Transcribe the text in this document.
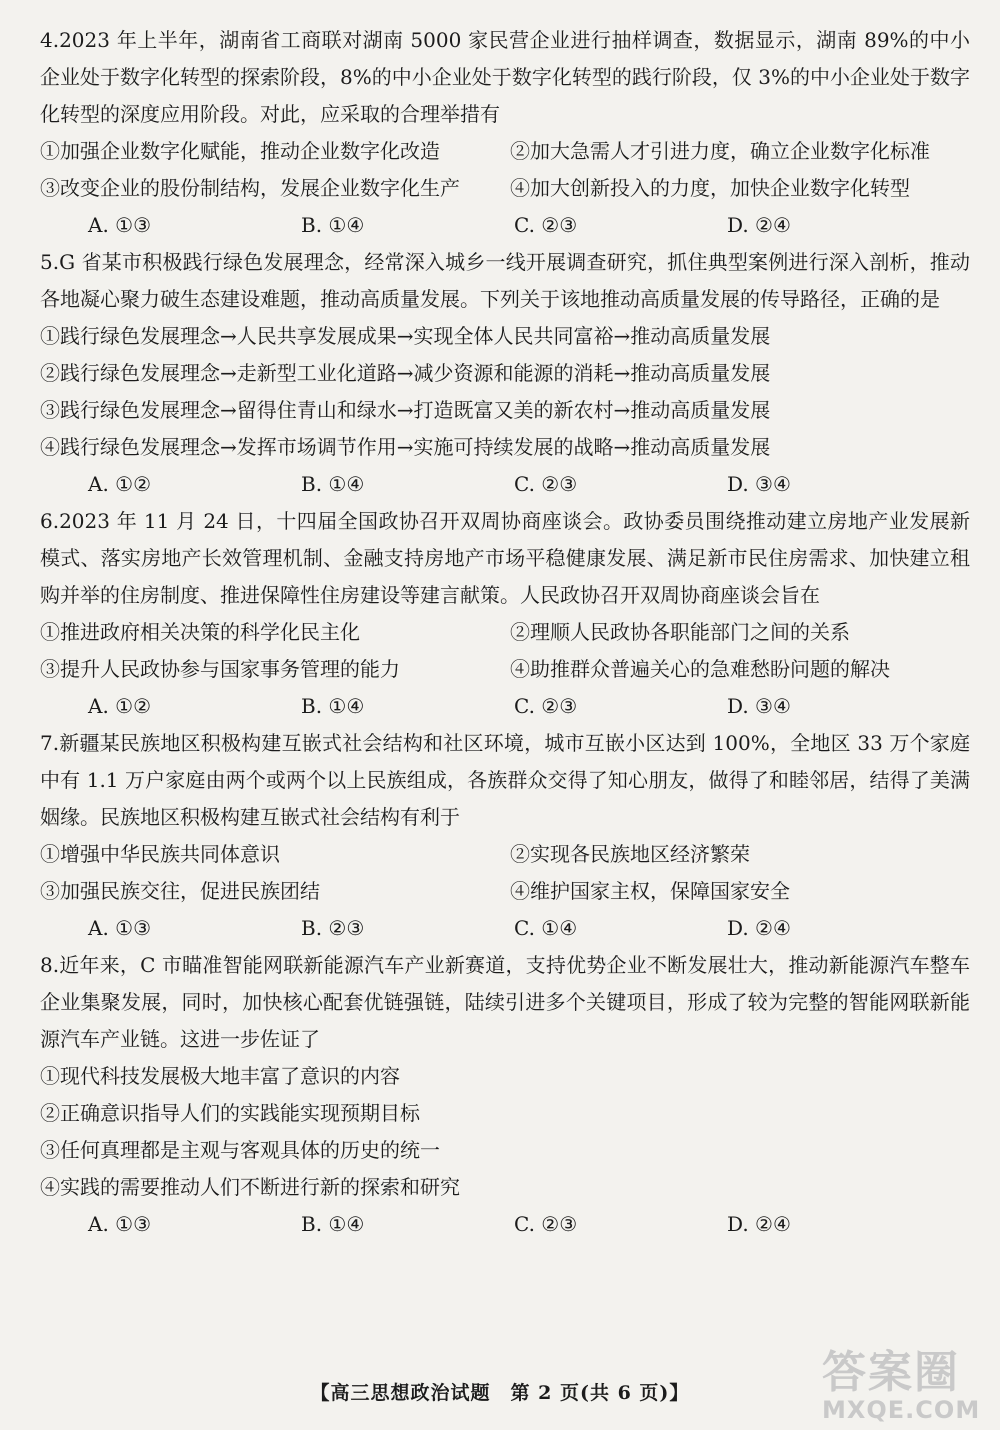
4.2023 年上半年，湖南省工商联对湖南 5000 家民营企业进行抽样调查，数据显示，湖南 89%的中小企业处于数字化转型的探索阶段，8%的中小企业处于数字化转型的践行阶段，仅 3%的中小企业处于数字化转型的深度应用阶段。对此，应采取的合理举措有

①加强企业数字化赋能，推动企业数字化改造	②加大急需人才引进力度，确立企业数字化标准
③改变企业的股份制结构，发展企业数字化生产	④加大创新投入的力度，加快企业数字化转型
A. ①③	B. ①④	C. ②③	D. ②④

5.G 省某市积极践行绿色发展理念，经常深入城乡一线开展调查研究，抓住典型案例进行深入剖析，推动各地凝心聚力破生态建设难题，推动高质量发展。下列关于该地推动高质量发展的传导路径，正确的是

①践行绿色发展理念→人民共享发展成果→实现全体人民共同富裕→推动高质量发展

②践行绿色发展理念→走新型工业化道路→减少资源和能源的消耗→推动高质量发展

③践行绿色发展理念→留得住青山和绿水→打造既富又美的新农村→推动高质量发展

④践行绿色发展理念→发挥市场调节作用→实施可持续发展的战略→推动高质量发展

A. ①②	B. ①④	C. ②③	D. ③④

6.2023 年 11 月 24 日，十四届全国政协召开双周协商座谈会。政协委员围绕推动建立房地产业发展新模式、落实房地产长效管理机制、金融支持房地产市场平稳健康发展、满足新市民住房需求、加快建立租购并举的住房制度、推进保障性住房建设等建言献策。人民政协召开双周协商座谈会旨在

①推进政府相关决策的科学化民主化	②理顺人民政协各职能部门之间的关系
③提升人民政协参与国家事务管理的能力	④助推群众普遍关心的急难愁盼问题的解决
A. ①②	B. ①④	C. ②③	D. ③④

7.新疆某民族地区积极构建互嵌式社会结构和社区环境，城市互嵌小区达到 100%，全地区 33 万个家庭中有 1.1 万户家庭由两个或两个以上民族组成，各族群众交得了知心朋友，做得了和睦邻居，结得了美满姻缘。民族地区积极构建互嵌式社会结构有利于

①增强中华民族共同体意识	②实现各民族地区经济繁荣
③加强民族交往，促进民族团结	④维护国家主权，保障国家安全
A. ①③	B. ②③	C. ①④	D. ②④

8.近年来，C 市瞄准智能网联新能源汽车产业新赛道，支持优势企业不断发展壮大，推动新能源汽车整车企业集聚发展，同时，加快核心配套优链强链，陆续引进多个关键项目，形成了较为完整的智能网联新能源汽车产业链。这进一步佐证了

①现代科技发展极大地丰富了意识的内容

②正确意识指导人们的实践能实现预期目标

③任何真理都是主观与客观具体的历史的统一

④实践的需要推动人们不断进行新的探索和研究

A. ①③	B. ①④	C. ②③	D. ②④
【高三思想政治试题　第 2 页(共 6 页)】	答案圈
MXQE.COM
